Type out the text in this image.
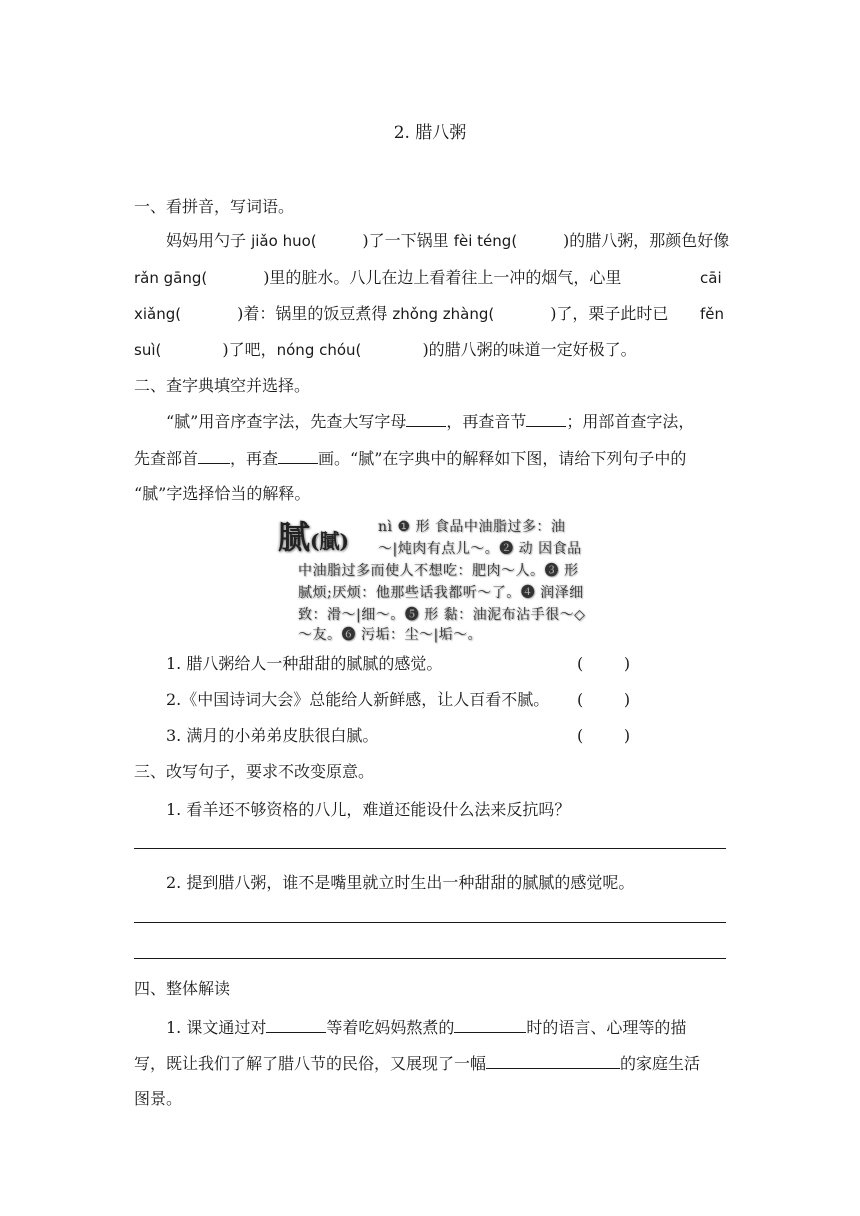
2. 腊八粥
一、看拼音，写词语。
妈妈用勺子 jiǎo huo(	)了一下锅里 fèi téng(	)的腊八粥，那颜色好像
rǎn gāng(	)里的脏水。八儿在边上看着往上一冲的烟气，心里	cāi
xiǎng(	)着：锅里的饭豆煮得 zhǒng zhàng(	)了，栗子此时已 fěn
suì(	)了吧，nóng chóu(	)的腊八粥的味道一定好极了。
二、查字典填空并选择。
“腻”用音序查字法，先查大写字母	，再查音节	；用部首查字法，
先查部首 ，再查	画。“腻”在字典中的解释如下图，请给下列句子中的
“腻”字选择恰当的解释。
腻(膩)
nì ❶ 形 食品中油脂过多：油
～|炖肉有点儿～。❷ 动 因食品
中油脂过多而使人不想吃：肥肉～人。❸ 形
腻烦;厌烦：他那些话我都听～了。❹ 润泽细
致：滑～|细～。❺ 形 黏：油泥布沾手很～◇
～友。❻ 污垢：尘～|垢～。
1. 腊八粥给人一种甜甜的腻腻的感觉。	(        )
2.《中国诗词大会》总能给人新鲜感，让人百看不腻。 (        )
3. 满月的小弟弟皮肤很白腻。	(        )
三、改写句子，要求不改变原意。
1. 看羊还不够资格的八儿，难道还能设什么法来反抗吗？
2. 提到腊八粥，谁不是嘴里就立时生出一种甜甜的腻腻的感觉呢。
四、整体解读
1. 课文通过对	等着吃妈妈熬煮的	时的语言、心理等的描
写，既让我们了解了腊八节的民俗，又展现了一幅	的家庭生活
图景。
